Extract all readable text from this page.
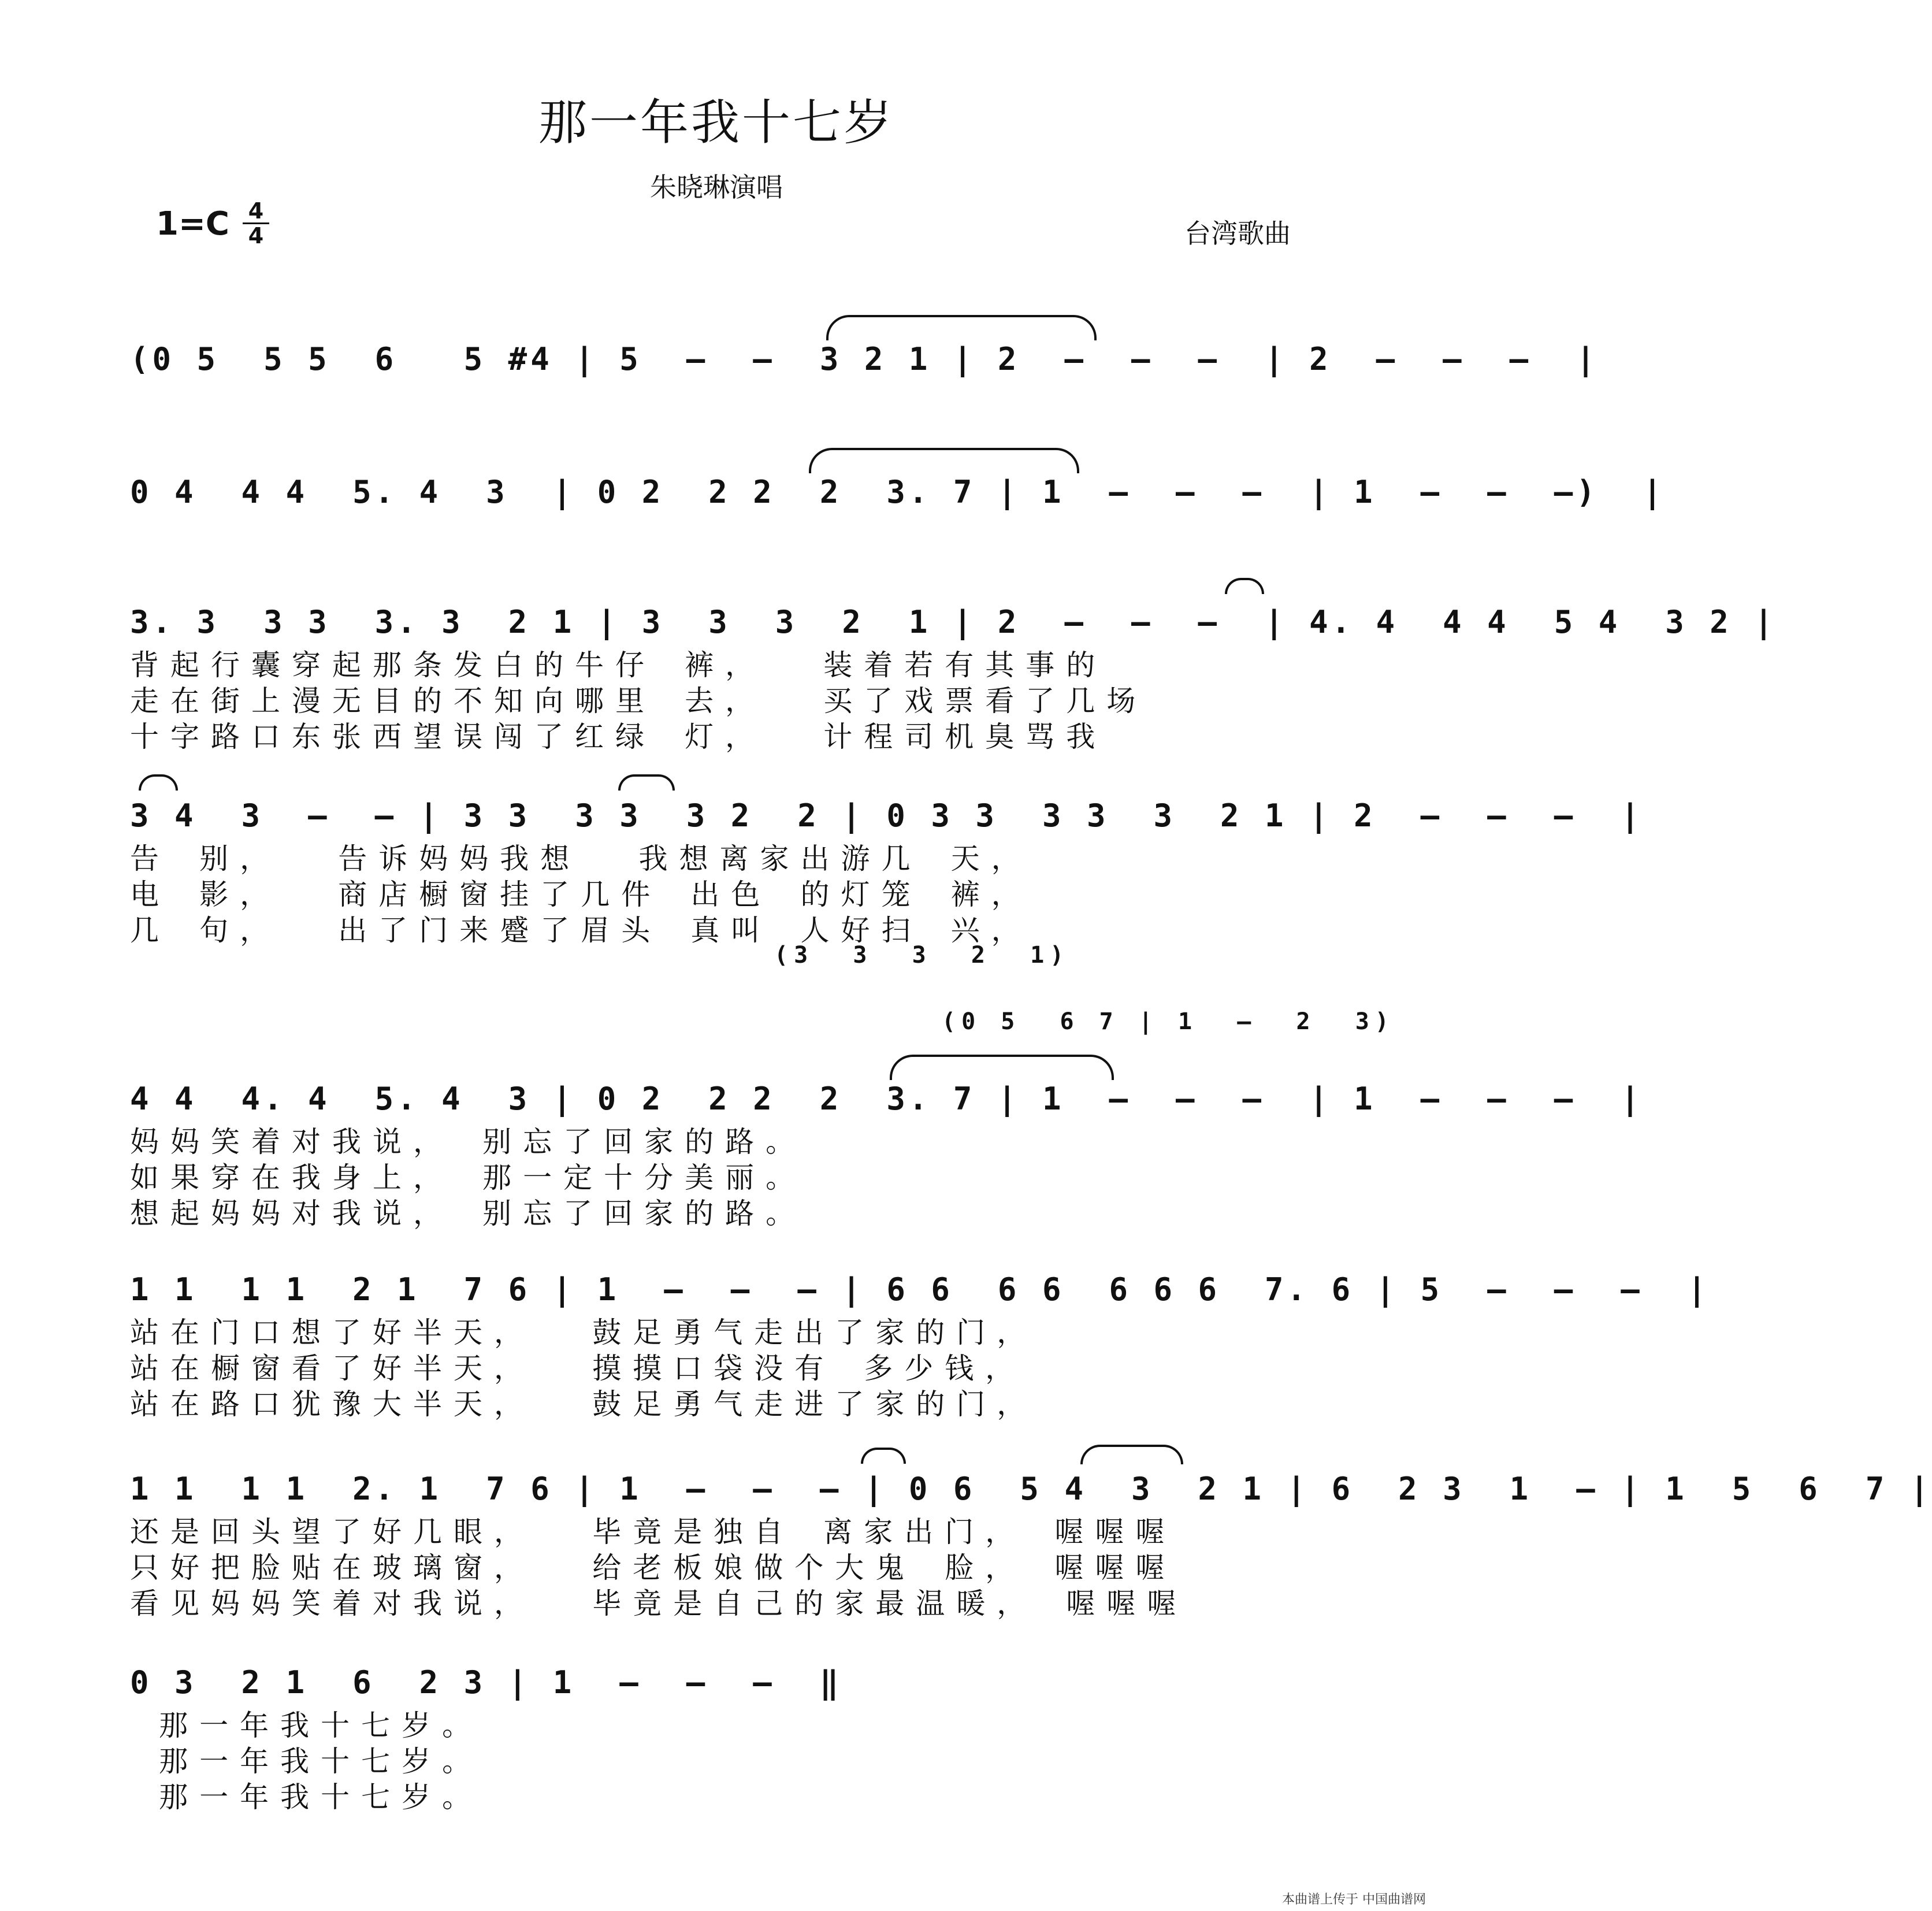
那一年我十七岁
朱晓琳演唱
1=C 4
4	台湾歌曲
(0 5  5 5  6   5 #4 | 5  –  –  3 2 1 | 2  –  –  –  | 2  –  –  –  |
0 4  4 4  5. 4  3  | 0 2  2 2  2  3. 7 | 1  –  –  –  | 1  –  –  –)  |
3. 3  3 3  3. 3  2 1 | 3  3  3  2  1 | 2  –  –  –  | 4. 4  4 4  5 4  3 2 |
背起行囊穿起那条发白的牛仔 裤，  装着若有其事的
走在街上漫无目的不知向哪里 去，  买了戏票看了几场
十字路口东张西望误闯了红绿 灯，  计程司机臭骂我
3 4  3  –  – | 3 3  3 3  3 2  2 | 0 3 3  3 3  3  2 1 | 2  –  –  –  |
告 别，  告诉妈妈我想  我想离家出游几 天，
电 影，  商店橱窗挂了几件 出色 的灯笼 裤，
几 句，  出了门来蹙了眉头 真叫 人好扫 兴，
(3  3  3  2  1)
(0 5  6 7 | 1  –  2  3)
4 4  4. 4  5. 4  3 | 0 2  2 2  2  3. 7 | 1  –  –  –  | 1  –  –  –  |
妈妈笑着对我说， 别忘了回家的路。
如果穿在我身上， 那一定十分美丽。
想起妈妈对我说， 别忘了回家的路。
1 1  1 1  2 1  7 6 | 1  –  –  – | 6 6  6 6  6 6 6  7. 6 | 5  –  –  –  |
站在门口想了好半天，  鼓足勇气走出了家的门，
站在橱窗看了好半天，  摸摸口袋没有 多少钱，
站在路口犹豫大半天，  鼓足勇气走进了家的门，
1 1  1 1  2. 1  7 6 | 1  –  –  – | 0 6  5 4  3  2 1 | 6  2 3  1  – | 1  5  6  7 |
还是回头望了好几眼，  毕竟是独自 离家出门， 喔喔喔
只好把脸贴在玻璃窗，  给老板娘做个大鬼 脸， 喔喔喔
看见妈妈笑着对我说，  毕竟是自己的家最温暖， 喔喔喔
0 3  2 1  6  2 3 | 1  –  –  –  ‖
那一年我十七岁。
那一年我十七岁。
那一年我十七岁。
本曲谱上传于 中国曲谱网
